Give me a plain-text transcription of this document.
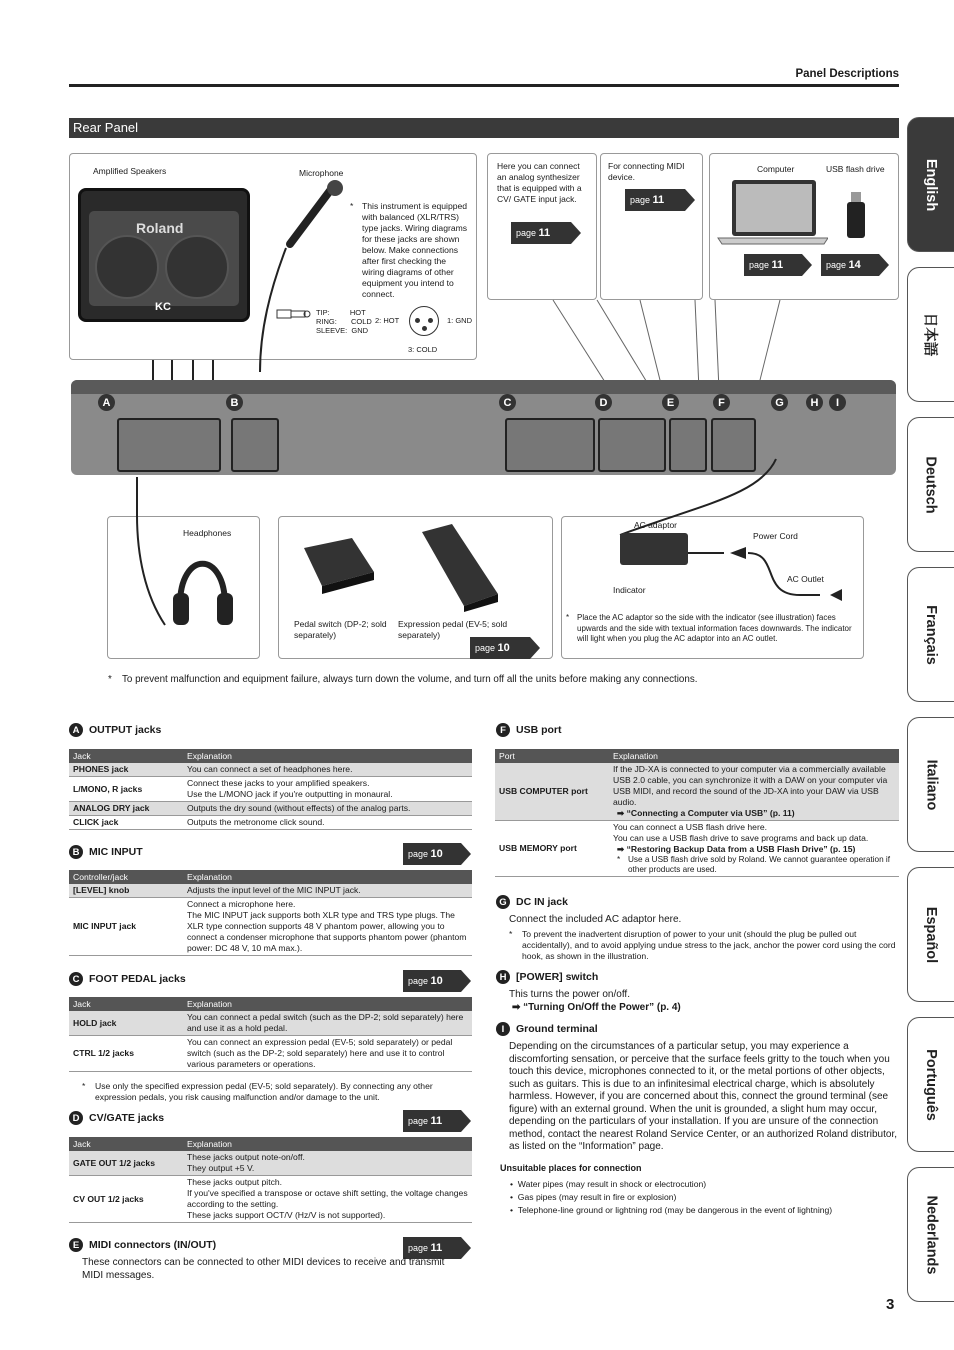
Panel Descriptions
Rear Panel
English
日本語
Deutsch
Français
Italiano
Español
Português
Nederlands
Amplified Speakers
Roland
KC
Microphone
*	This instrument is equipped with balanced (XLR/TRS) type jacks. Wiring diagrams for these jacks are shown below. Make connections after first checking the wiring diagrams of other equipment you intend to connect.
TIP:	HOT
RING: COLD
SLEEVE: GND
2: HOT	1: GND
3: COLD
Here you can connect an analog synthesizer that is equipped with a CV/ GATE input jack.
page 11
For connecting MIDI device.
page 11
Computer	USB flash drive
page 11	page 14
A	B	C	D	E	F	G	H	I
Headphones
Pedal switch (DP-2; sold separately)
Expression pedal (EV-5; sold separately)
page 10
AC adaptor
Power Cord
Indicator
AC Outlet
* Place the AC adaptor so the side with the indicator (see illustration) faces upwards and the side with textual information faces downwards. The indicator will light when you plug the AC adaptor into an AC outlet.
*	To prevent malfunction and equipment failure, always turn down the volume, and turn off all the units before making any connections.
A OUTPUT jacks
Jack	Explanation
PHONES jack	You can connect a set of headphones here.
L/MONO, R jacks	Connect these jacks to your amplified speakers.
Use the L/MONO jack if you're outputting in monaural.
ANALOG DRY jack	Outputs the dry sound (without effects) of the analog parts.
CLICK jack	Outputs the metronome click sound.
B MIC INPUT	page 10
Controller/jack	Explanation
[LEVEL] knob	Adjusts the input level of the MIC INPUT jack.
MIC INPUT jack	Connect a microphone here.
The MIC INPUT jack supports both XLR type and TRS type plugs. The XLR type connection supports 48 V phantom power, allowing you to connect a condenser microphone that supports phantom power (phantom power: DC 48 V, 10 mA max.).
C FOOT PEDAL jacks	page 10
Jack	Explanation
HOLD jack	You can connect a pedal switch (such as the DP-2; sold separately) here and use it as a hold pedal.
CTRL 1/2 jacks	You can connect an expression pedal (EV-5; sold separately) or pedal switch (such as the DP-2; sold separately) here and use it to control various parameters or operations.
*	Use only the specified expression pedal (EV-5; sold separately). By connecting any other expression pedals, you risk causing malfunction and/or damage to the unit.
D CV/GATE jacks	page 11
Jack	Explanation
GATE OUT 1/2 jacks	These jacks output note-on/off.
They output +5 V.
CV OUT 1/2 jacks	These jacks output pitch.
If you've specified a transpose or octave shift setting, the voltage changes according to the setting.
These jacks support OCT/V (Hz/V is not supported).
E MIDI connectors (IN/OUT)	page 11
These connectors can be connected to other MIDI devices to receive and transmit MIDI messages.
F USB port
Port	Explanation
USB COMPUTER port	If the JD-XA is connected to your computer via a commercially available USB 2.0 cable, you can synchronize it with a DAW on your computer via USB MIDI, and record the sound of the JD-XA into your DAW via USB audio.
➡ “Connecting a Computer via USB” (p. 11)

USB MEMORY port	You can connect a USB flash drive here.
You can use a USB flash drive to save programs and back up data.
➡ “Restoring Backup Data from a USB Flash Drive” (p. 15)
* Use a USB flash drive sold by Roland. We cannot guarantee operation if other products are used.
G DC IN jack
Connect the included AC adaptor here.
*	To prevent the inadvertent disruption of power to your unit (should the plug be pulled out accidentally), and to avoid applying undue stress to the jack, anchor the power cord using the cord hook, as shown in the illustration.
H [POWER] switch
This turns the power on/off.
➡ “Turning On/Off the Power” (p. 4)
I	Ground terminal
Depending on the circumstances of a particular setup, you may experience a discomforting sensation, or perceive that the surface feels gritty to the touch when you touch this device, microphones connected to it, or the metal portions of other objects, such as guitars. This is due to an infinitesimal electrical charge, which is absolutely harmless. However, if you are concerned about this, connect the ground terminal (see figure) with an external ground. When the unit is grounded, a slight hum may occur, depending on the particulars of your installation. If you are unsure of the connection method, contact the nearest Roland Service Center, or an authorized Roland distributor, as listed on the “Information” page.
Unsuitable places for connection
•  Water pipes (may result in shock or electrocution)
•  Gas pipes (may result in fire or explosion)
•  Telephone-line ground or lightning rod (may be dangerous in the event of lightning)
3
